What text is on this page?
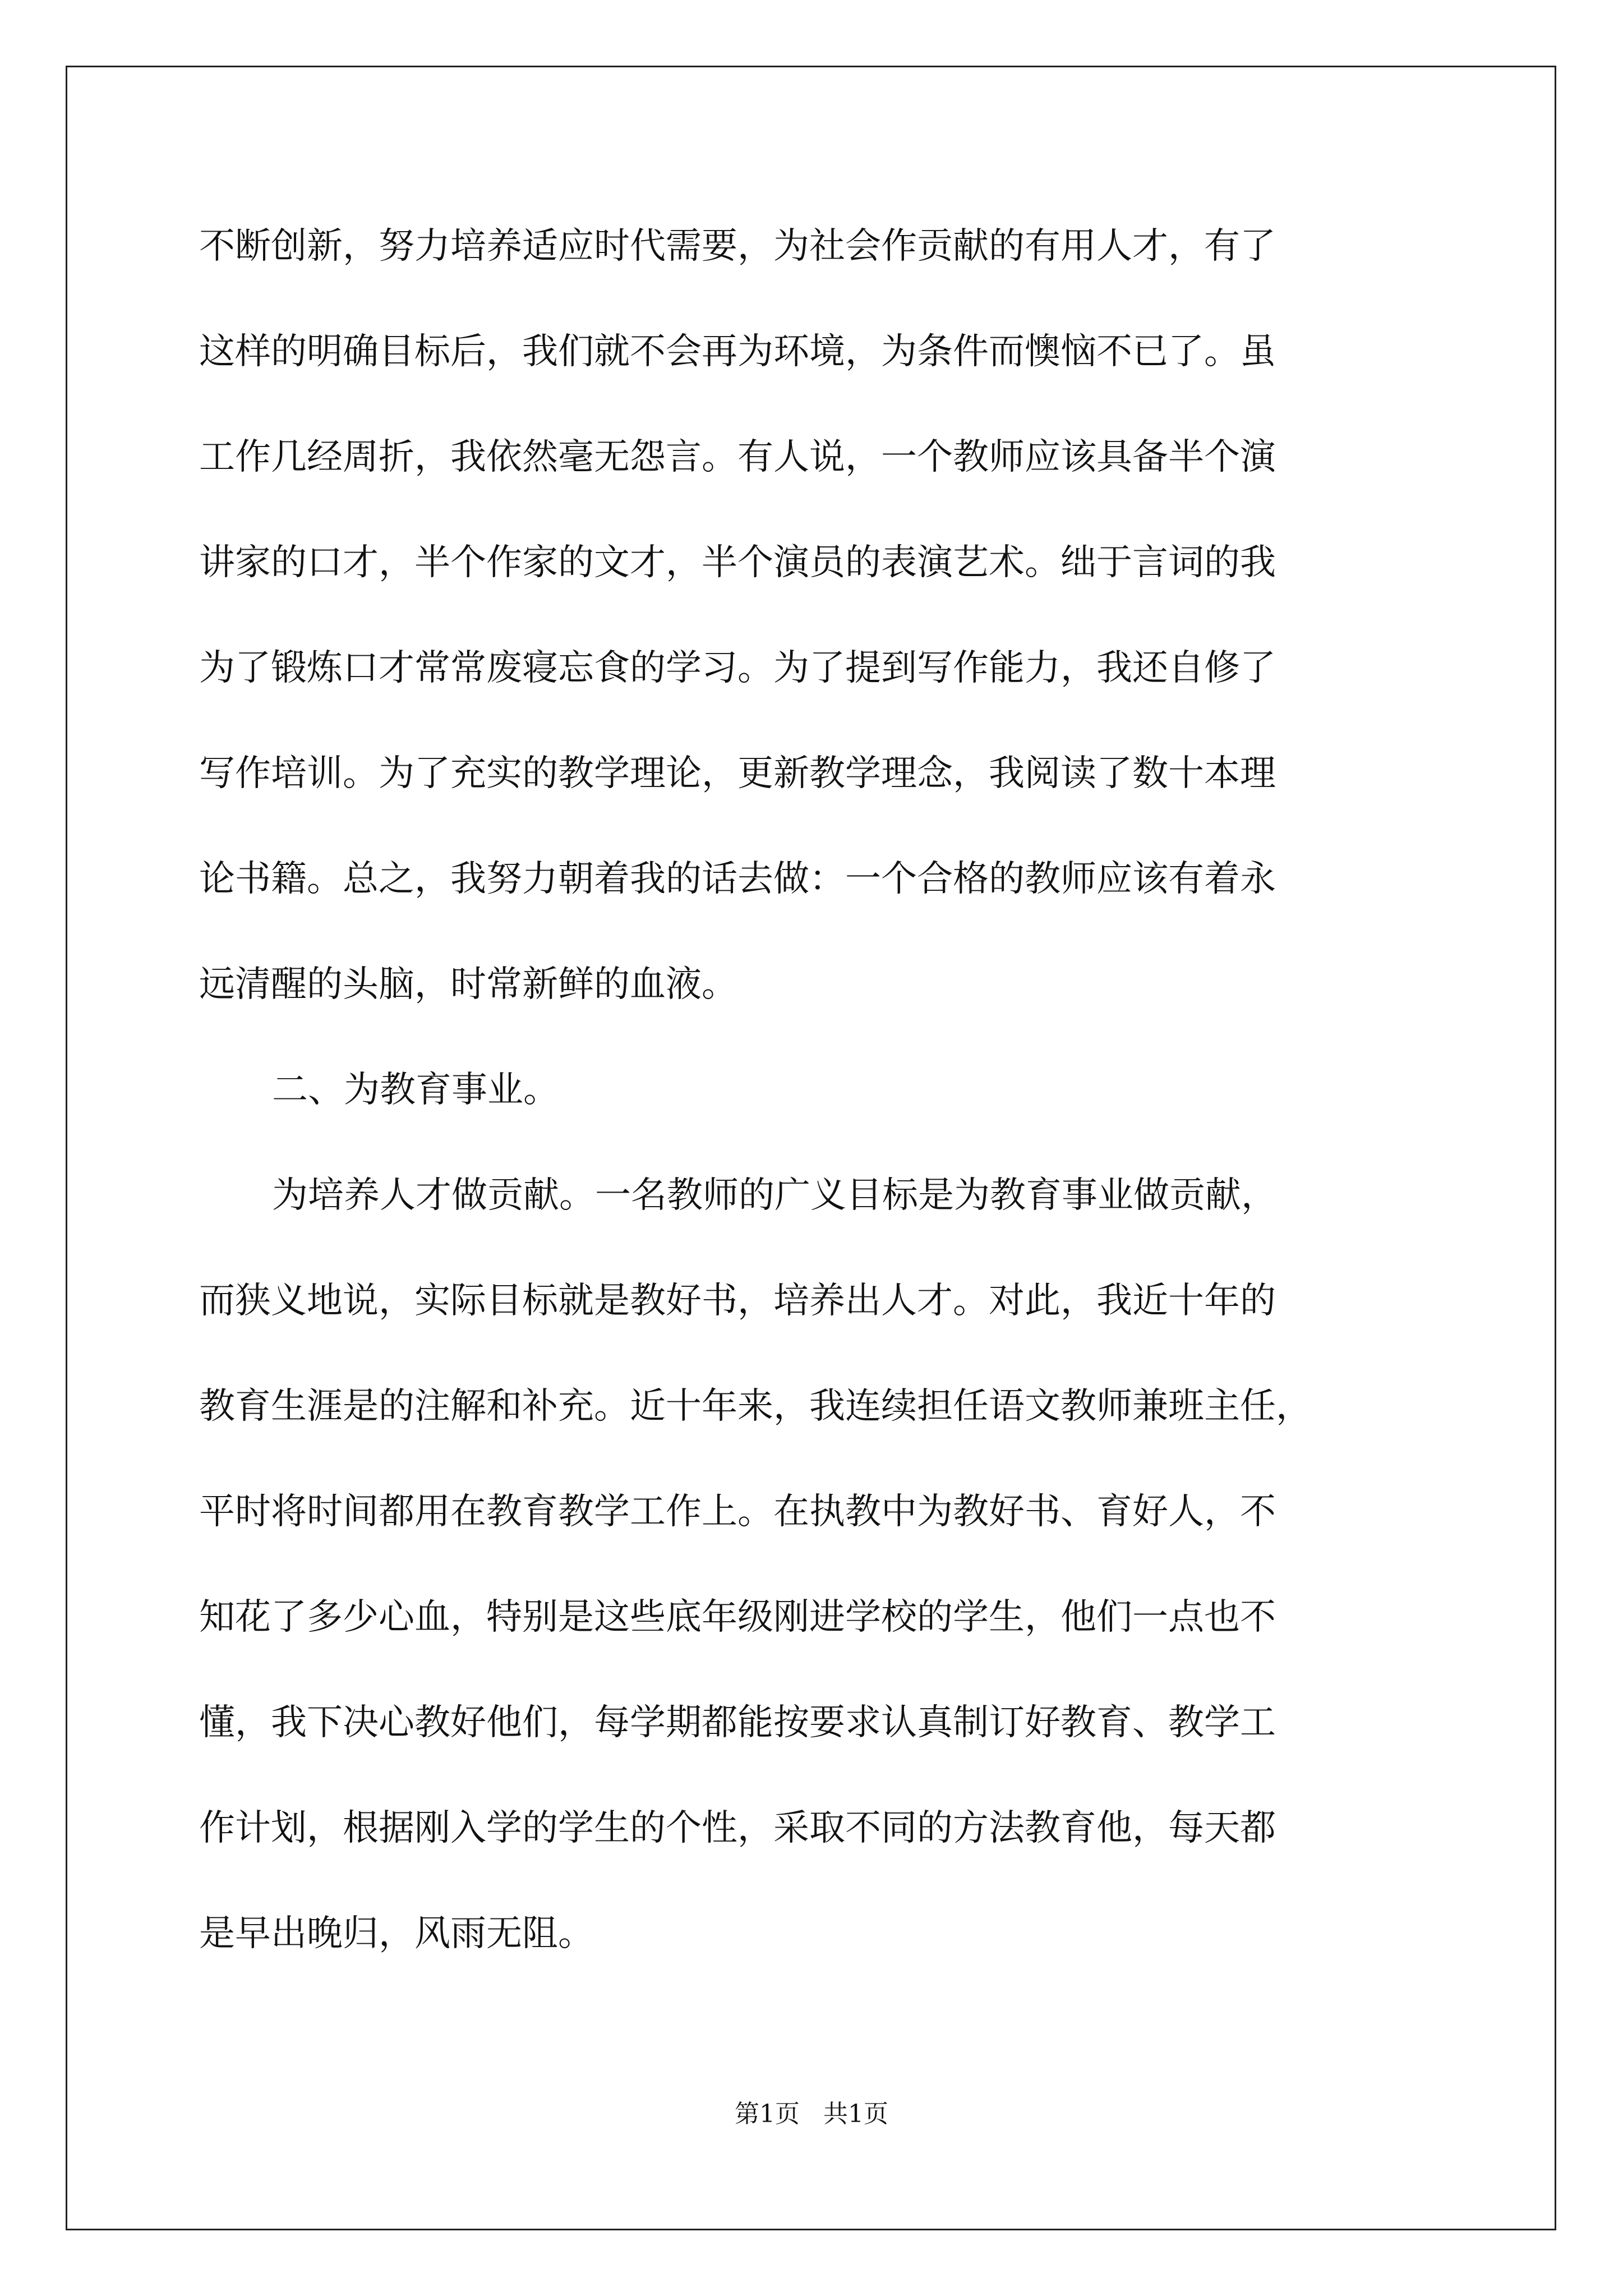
不断创新，努力培养适应时代需要，为社会作贡献的有用人才，有了
这样的明确目标后，我们就不会再为环境，为条件而懊恼不已了。虽
工作几经周折，我依然毫无怨言。有人说，一个教师应该具备半个演
讲家的口才，半个作家的文才，半个演员的表演艺术。绌于言词的我
为了锻炼口才常常废寝忘食的学习。为了提到写作能力，我还自修了
写作培训。为了充实的教学理论，更新教学理念，我阅读了数十本理
论书籍。总之，我努力朝着我的话去做：一个合格的教师应该有着永
远清醒的头脑，时常新鲜的血液。
二、为教育事业。
为培养人才做贡献。一名教师的广义目标是为教育事业做贡献，
而狭义地说，实际目标就是教好书，培养出人才。对此，我近十年的
教育生涯是的注解和补充。近十年来，我连续担任语文教师兼班主任，
平时将时间都用在教育教学工作上。在执教中为教好书、育好人，不
知花了多少心血，特别是这些底年级刚进学校的学生，他们一点也不
懂，我下决心教好他们，每学期都能按要求认真制订好教育、教学工
作计划，根据刚入学的学生的个性，采取不同的方法教育他，每天都
是早出晚归，风雨无阻。
第1页   共1页
